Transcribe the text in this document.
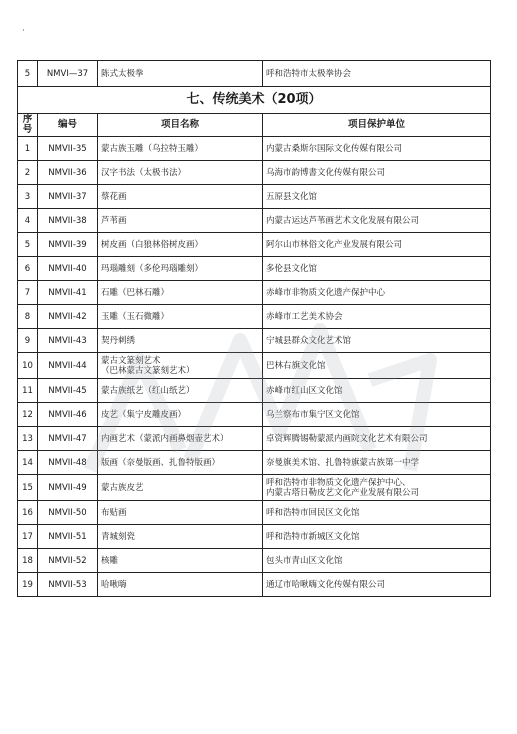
·
5	NMVI—37	陈式太极拳	呼和浩特市太极拳协会
七、传统美术（20项）			
序号	编号	项目名称	项目保护单位
1	NMVII-35	蒙古族玉雕（乌拉特玉雕）	内蒙古桑斯尔国际文化传媒有限公司
2	NMVII-36	汉字书法（太极书法）	乌海市韵博書文化传媒有限公司
3	NMVII-37	蔡花画	五原县文化馆
4	NMVII-38	芦苇画	内蒙古运达芦苇画艺术文化发展有限公司
5	NMVII-39	树皮画（白狼林俗树皮画）	阿尔山市林俗文化产业发展有限公司
6	NMVII-40	玛瑙雕刻（多伦玛瑙雕刻）	多伦县文化馆
7	NMVII-41	石雕（巴林石雕）	赤峰市非物质文化遗产保护中心
8	NMVII-42	玉雕（玉石微雕）	赤峰市工艺美术协会
9	NMVII-43	契丹刺绣	宁城县群众文化艺术馆
10	NMVII-44	蒙古文篆刻艺术
（巴林蒙古文篆刻艺术）	巴林右旗文化馆
11	NMVII-45	蒙古族纸艺（红山纸艺）	赤峰市红山区文化馆
12	NMVII-46	皮艺（集宁皮雕皮画）	乌兰察布市集宁区文化馆
13	NMVII-47	内画艺术（蒙派内画鼻烟壶艺术）	卓资辉腾锡勒蒙派内画院文化艺术有限公司
14	NMVII-48	版画（奈曼版画、扎鲁特版画）	奈曼旗美术馆、扎鲁特旗蒙古族第一中学
15	NMVII-49	蒙古族皮艺	呼和浩特市非物质文化遗产保护中心、
内蒙古塔日勒皮艺文化产业发展有限公司
16	NMVII-50	布贴画	呼和浩特市回民区文化馆
17	NMVII-51	青城刻瓷	呼和浩特市新城区文化馆
18	NMVII-52	核雕	包头市青山区文化馆
19	NMVII-53	哈啾嗨	通辽市哈啾嗨文化传媒有限公司
